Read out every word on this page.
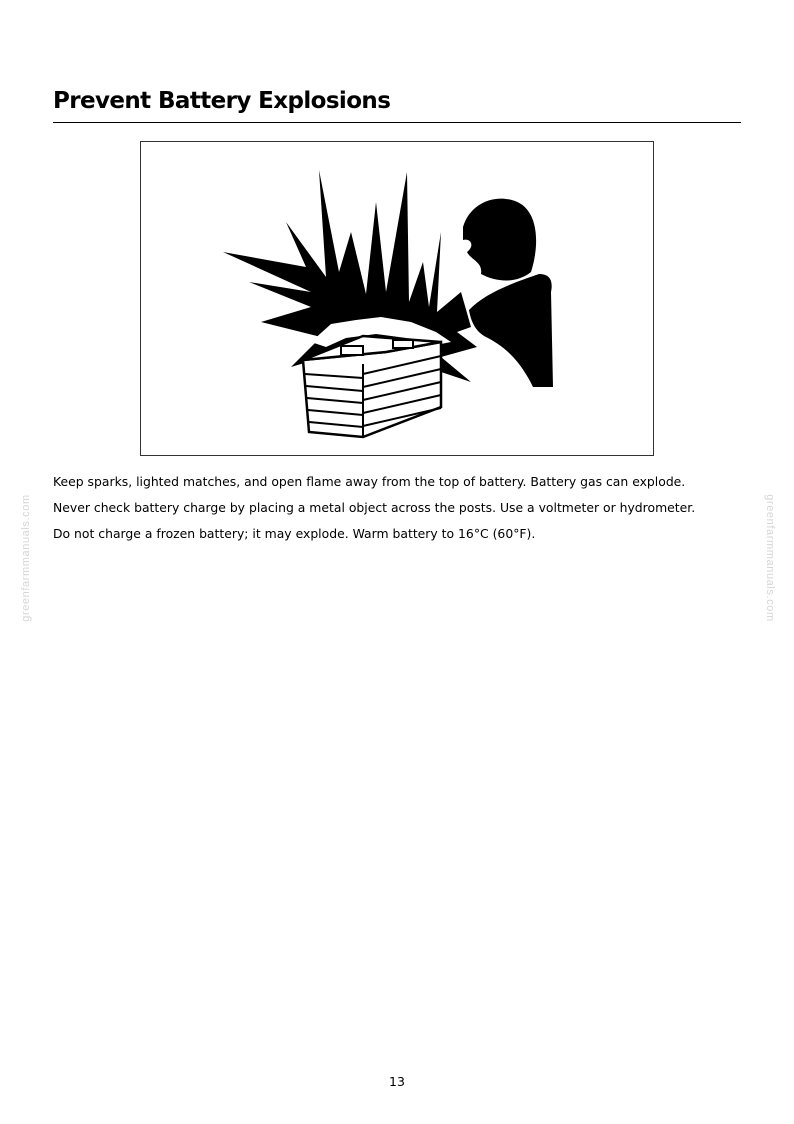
Prevent Battery Explosions

Keep sparks, lighted matches, and open flame away from the top of battery. Battery gas can explode.

Never check battery charge by placing a metal object across the posts. Use a voltmeter or hydrometer.

Do not charge a frozen battery; it may explode. Warm battery to 16°C (60°F).

greenfarmmanuals.com	greenfarmmanuals.com
13
